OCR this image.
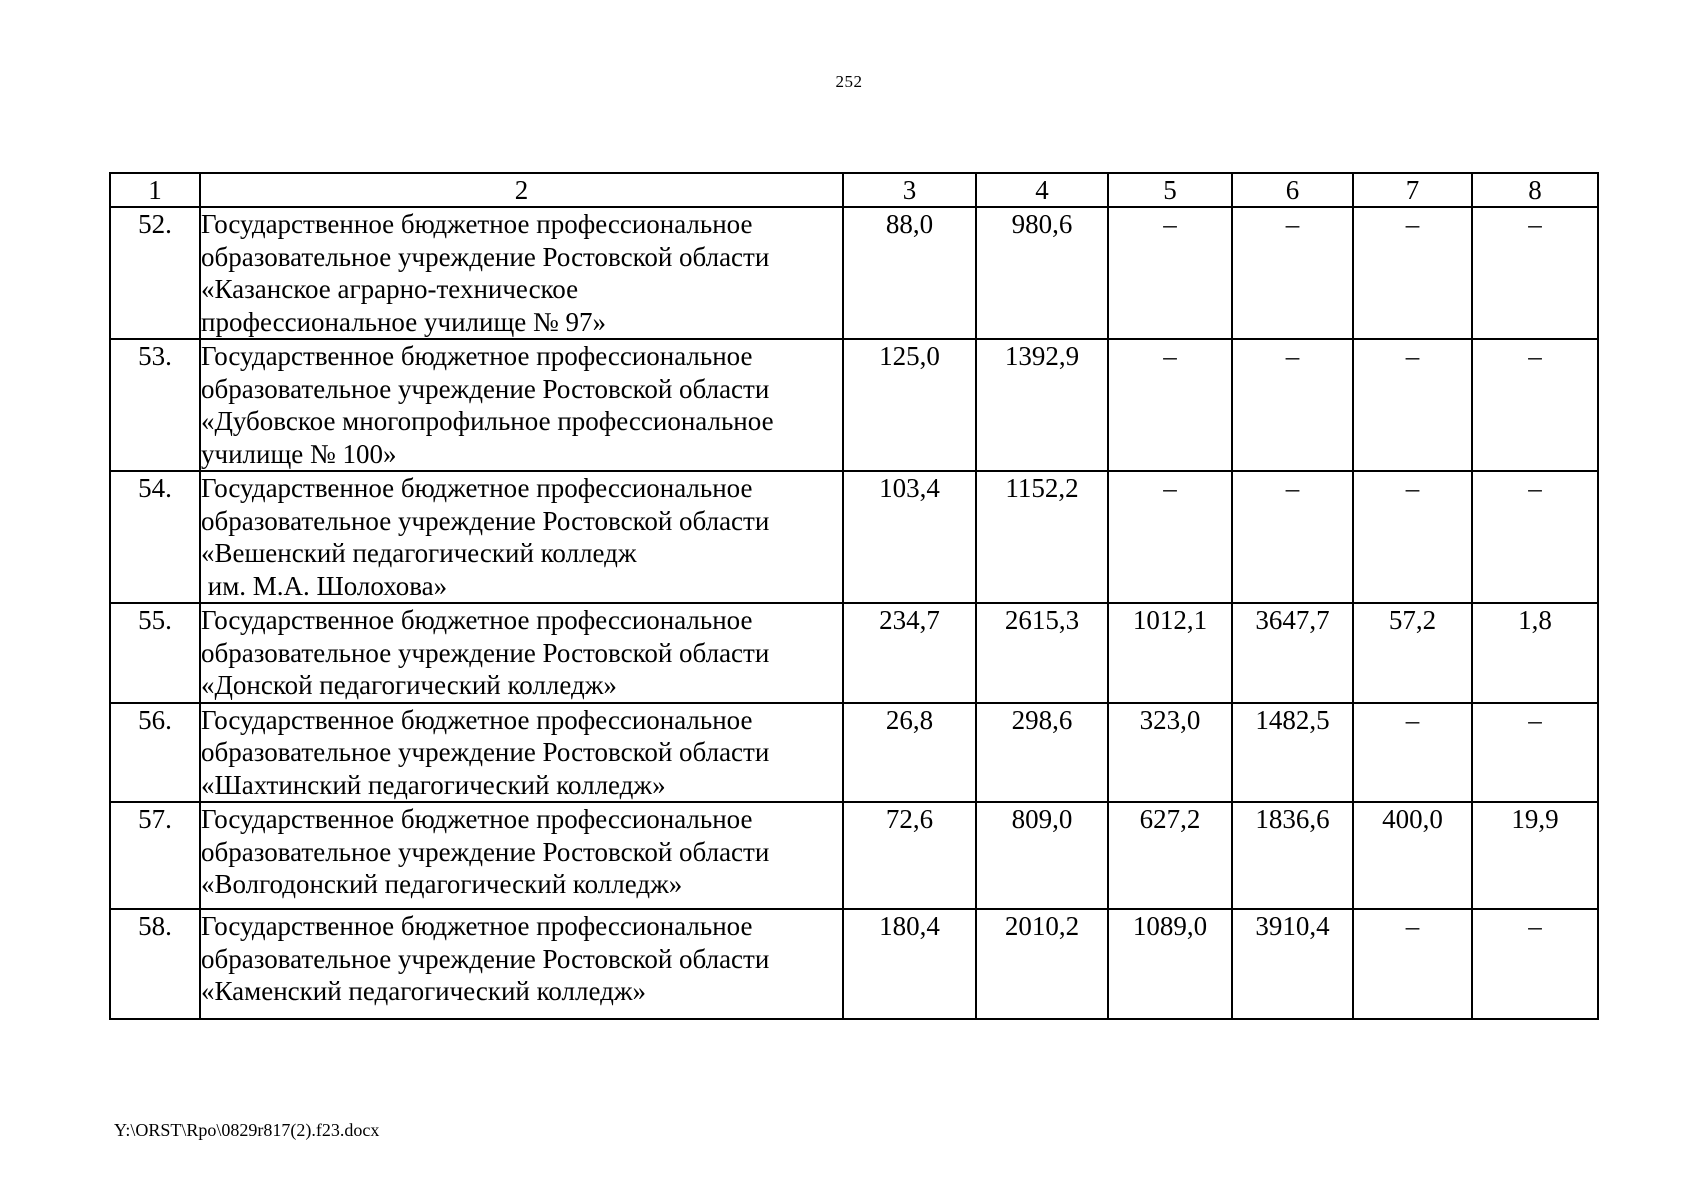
252
1	2	3	4	5	6	7	8
52.	Государственное бюджетное профессиональное
образовательное учреждение Ростовской области
«Казанское аграрно-техническое
профессиональное училище № 97»	88,0	980,6	–	–	–	–
53.	Государственное бюджетное профессиональное
образовательное учреждение Ростовской области
«Дубовское многопрофильное профессиональное
училище № 100»	125,0	1392,9	–	–	–	–
54.	Государственное бюджетное профессиональное
образовательное учреждение Ростовской области
«Вешенский педагогический колледж
им. М.А. Шолохова»	103,4	1152,2	–	–	–	–
55.	Государственное бюджетное профессиональное
образовательное учреждение Ростовской области
«Донской педагогический колледж»	234,7	2615,3	1012,1	3647,7	57,2	1,8
56.	Государственное бюджетное профессиональное
образовательное учреждение Ростовской области
«Шахтинский педагогический колледж»	26,8	298,6	323,0	1482,5	–	–
57.	Государственное бюджетное профессиональное
образовательное учреждение Ростовской области
«Волгодонский педагогический колледж»	72,6	809,0	627,2	1836,6	400,0	19,9
58.	Государственное бюджетное профессиональное
образовательное учреждение Ростовской области
«Каменский педагогический колледж»	180,4	2010,2	1089,0	3910,4	–	–
Y:\ORST\Rpo\0829r817(2).f23.docx
